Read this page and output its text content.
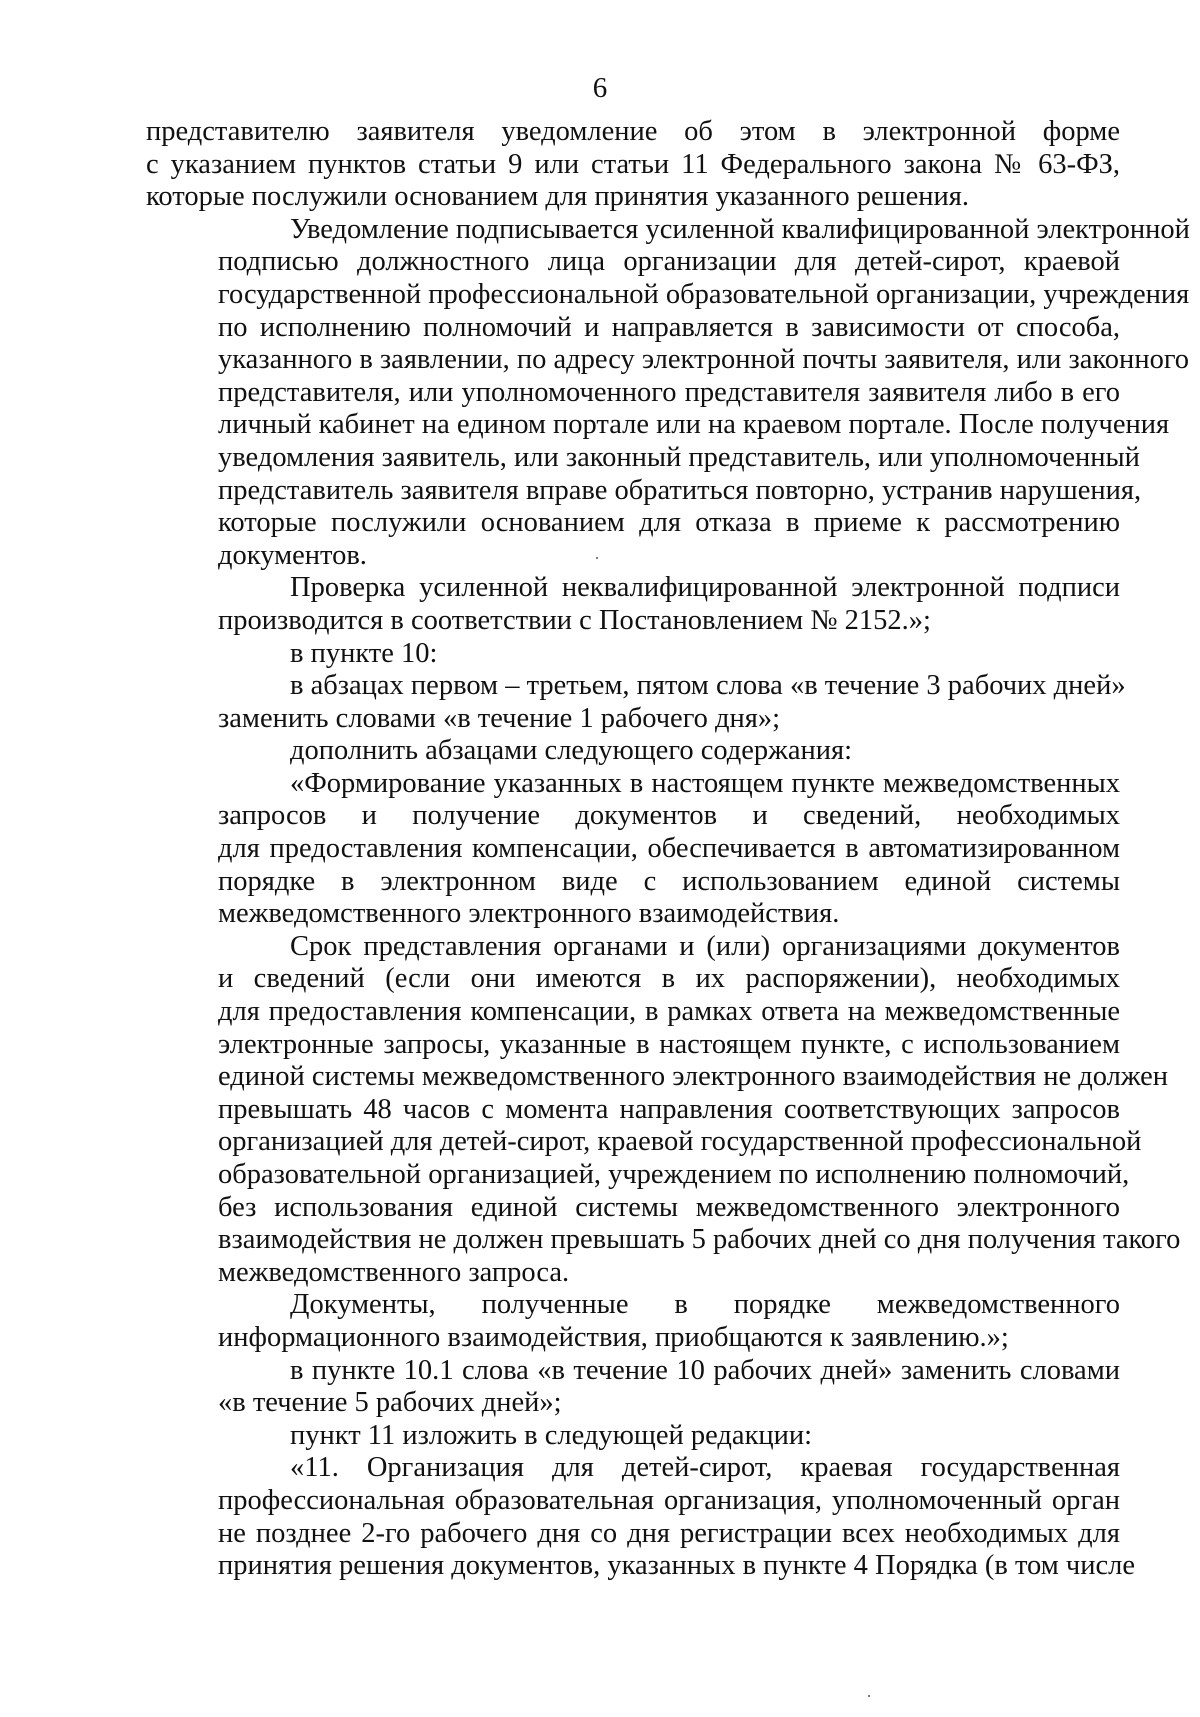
6
представителю заявителя уведомление об этом в электронной форме
с указанием пунктов статьи 9 или статьи 11 Федерального закона № 63-ФЗ,
которые послужили основанием для принятия указанного решения.
Уведомление подписывается усиленной квалифицированной электронной
подписью должностного лица организации для детей-сирот, краевой
государственной профессиональной образовательной организации, учреждения
по исполнению полномочий и направляется в зависимости от способа,
указанного в заявлении, по адресу электронной почты заявителя, или законного
представителя, или уполномоченного представителя заявителя либо в его
личный кабинет на едином портале или на краевом портале. После получения
уведомления заявитель, или законный представитель, или уполномоченный
представитель заявителя вправе обратиться повторно, устранив нарушения,
которые послужили основанием для отказа в приеме к рассмотрению
документов.
Проверка усиленной неквалифицированной электронной подписи
производится в соответствии с Постановлением № 2152.»;
в пункте 10:
в абзацах первом – третьем, пятом слова «в течение 3 рабочих дней»
заменить словами «в течение 1 рабочего дня»;
дополнить абзацами следующего содержания:
«Формирование указанных в настоящем пункте межведомственных
запросов и получение документов и сведений, необходимых
для предоставления компенсации, обеспечивается в автоматизированном
порядке в электронном виде с использованием единой системы
межведомственного электронного взаимодействия.
Срок представления органами и (или) организациями документов
и сведений (если они имеются в их распоряжении), необходимых
для предоставления компенсации, в рамках ответа на межведомственные
электронные запросы, указанные в настоящем пункте, с использованием
единой системы межведомственного электронного взаимодействия не должен
превышать 48 часов с момента направления соответствующих запросов
организацией для детей-сирот, краевой государственной профессиональной
образовательной организацией, учреждением по исполнению полномочий,
без использования единой системы межведомственного электронного
взаимодействия не должен превышать 5 рабочих дней со дня получения такого
межведомственного запроса.
Документы, полученные в порядке межведомственного
информационного взаимодействия, приобщаются к заявлению.»;
в пункте 10.1 слова «в течение 10 рабочих дней» заменить словами
«в течение 5 рабочих дней»;
пункт 11 изложить в следующей редакции:
«11. Организация для детей-сирот, краевая государственная
профессиональная образовательная организация, уполномоченный орган
не позднее 2-го рабочего дня со дня регистрации всех необходимых для
принятия решения документов, указанных в пункте 4 Порядка (в том числе
